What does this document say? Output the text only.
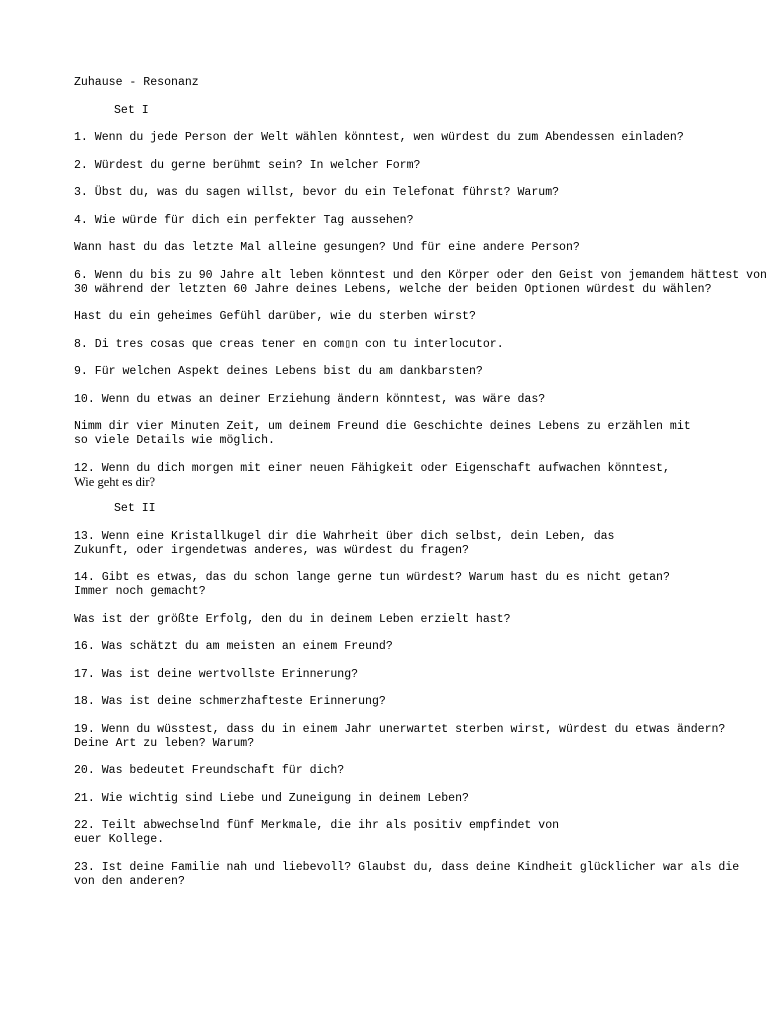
Zuhause - Resonanz
Set I
1. Wenn du jede Person der Welt wählen könntest, wen würdest du zum Abendessen einladen?
2. Würdest du gerne berühmt sein? In welcher Form?
3. Übst du, was du sagen willst, bevor du ein Telefonat führst? Warum?
4. Wie würde für dich ein perfekter Tag aussehen?
Wann hast du das letzte Mal alleine gesungen? Und für eine andere Person?
6. Wenn du bis zu 90 Jahre alt leben könntest und den Körper oder den Geist von jemandem hättest von
30 während der letzten 60 Jahre deines Lebens, welche der beiden Optionen würdest du wählen?
Hast du ein geheimes Gefühl darüber, wie du sterben wirst?
8. Di tres cosas que creas tener en com▯n con tu interlocutor.
9. Für welchen Aspekt deines Lebens bist du am dankbarsten?
10. Wenn du etwas an deiner Erziehung ändern könntest, was wäre das?
Nimm dir vier Minuten Zeit, um deinem Freund die Geschichte deines Lebens zu erzählen mit
so viele Details wie möglich.
12. Wenn du dich morgen mit einer neuen Fähigkeit oder Eigenschaft aufwachen könntest,
Wie geht es dir?
Set II
13. Wenn eine Kristallkugel dir die Wahrheit über dich selbst, dein Leben, das
Zukunft, oder irgendetwas anderes, was würdest du fragen?
14. Gibt es etwas, das du schon lange gerne tun würdest? Warum hast du es nicht getan?
Immer noch gemacht?
Was ist der größte Erfolg, den du in deinem Leben erzielt hast?
16. Was schätzt du am meisten an einem Freund?
17. Was ist deine wertvollste Erinnerung?
18. Was ist deine schmerzhafteste Erinnerung?
19. Wenn du wüsstest, dass du in einem Jahr unerwartet sterben wirst, würdest du etwas ändern?
Deine Art zu leben? Warum?
20. Was bedeutet Freundschaft für dich?
21. Wie wichtig sind Liebe und Zuneigung in deinem Leben?
22. Teilt abwechselnd fünf Merkmale, die ihr als positiv empfindet von
euer Kollege.
23. Ist deine Familie nah und liebevoll? Glaubst du, dass deine Kindheit glücklicher war als die
von den anderen?
